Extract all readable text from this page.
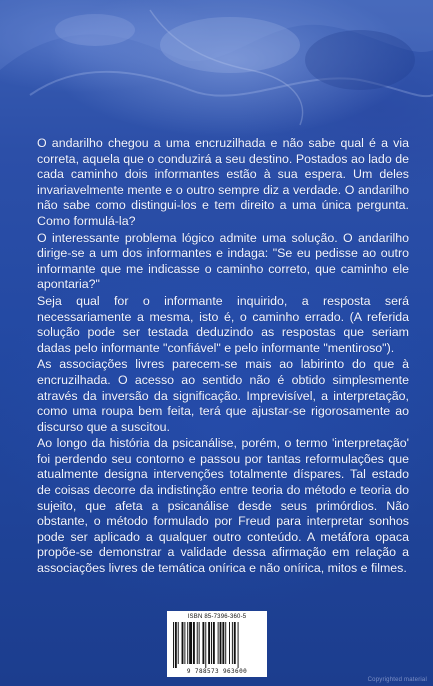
O andarilho chegou a uma encruzilhada e não sabe qual é a via correta, aquela que o conduzirá a seu destino. Postados ao lado de cada caminho dois informantes estão à sua espera. Um deles invariavelmente mente e o outro sempre diz a verdade. O andarilho não sabe como distingui-los e tem direito a uma única pergunta. Como formulá-la?

O interessante problema lógico admite uma solução. O andarilho dirige-se a um dos informantes e indaga: "Se eu pedisse ao outro informante que me indicasse o caminho correto, que caminho ele apontaria?"

Seja qual for o informante inquirido, a resposta será necessariamente a mesma, isto é, o caminho errado. (A referida solução pode ser testada deduzindo as respostas que seriam dadas pelo informante "confiável" e pelo informante "mentiroso").

As associações livres parecem-se mais ao labirinto do que à encruzilhada. O acesso ao sentido não é obtido simplesmente através da inversão da significação. Imprevisível, a interpretação, como uma roupa bem feita, terá que ajustar-se rigorosamente ao discurso que a suscitou.

Ao longo da história da psicanálise, porém, o termo 'interpretação' foi perdendo seu contorno e passou por tantas reformulações que atualmente designa intervenções totalmente díspares. Tal estado de coisas decorre da indistinção entre teoria do método e teoria do sujeito, que afeta a psicanálise desde seus primórdios. Não obstante, o método formulado por Freud para interpretar sonhos pode ser aplicado a qualquer outro conteúdo. A metáfora opaca propõe-se demonstrar a validade dessa afirmação em relação a associações livres de temática onírica e não onírica, mitos e filmes.

ISBN 85-7396-360-5
9 788573 963600
Copyrighted material
